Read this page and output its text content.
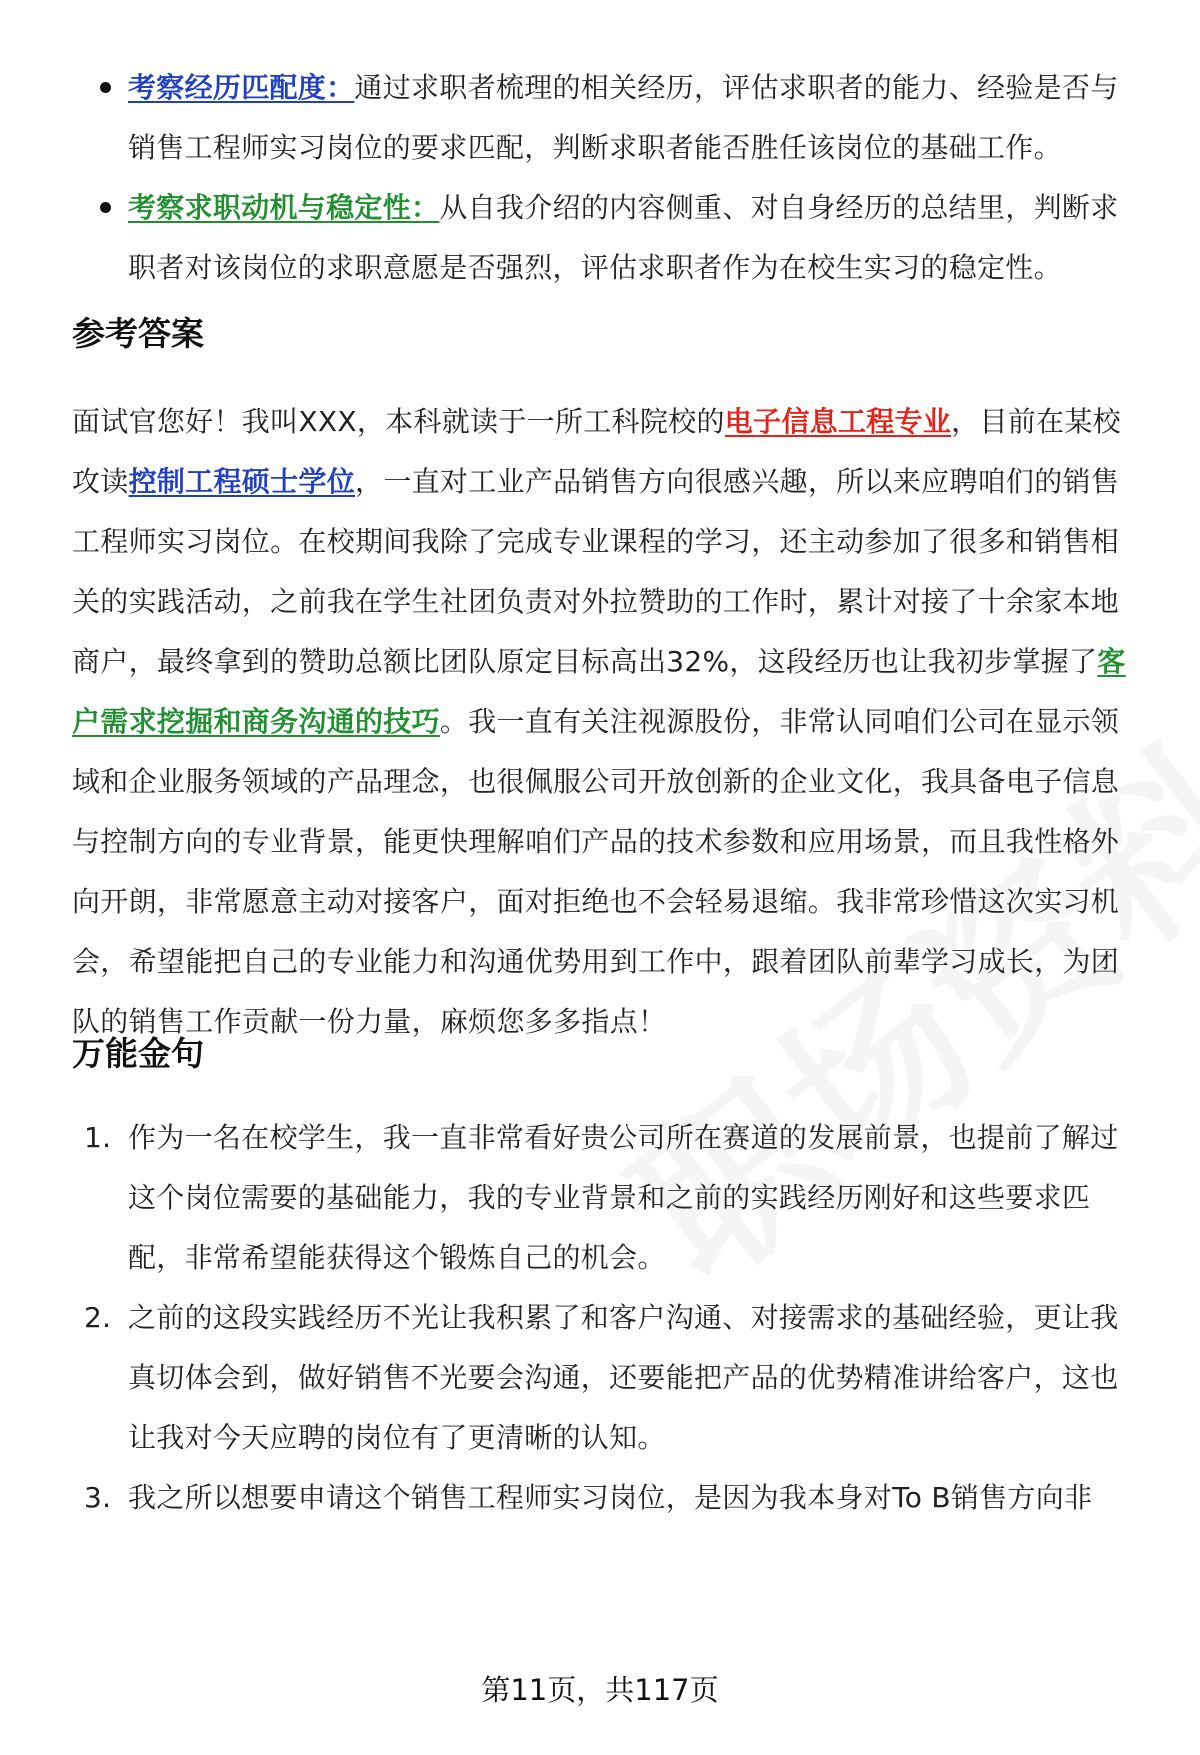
考察经历匹配度：通过求职者梳理的相关经历，评估求职者的能力、经验是否与销售工程师实习岗位的要求匹配，判断求职者能否胜任该岗位的基础工作。
考察求职动机与稳定性：从自我介绍的内容侧重、对自身经历的总结里，判断求职者对该岗位的求职意愿是否强烈，评估求职者作为在校生实习的稳定性。
参考答案

面试官您好！我叫XXX，本科就读于一所工科院校的电子信息工程专业，目前在某校攻读控制工程硕士学位，一直对工业产品销售方向很感兴趣，所以来应聘咱们的销售工程师实习岗位。在校期间我除了完成专业课程的学习，还主动参加了很多和销售相关的实践活动，之前我在学生社团负责对外拉赞助的工作时，累计对接了十余家本地商户，最终拿到的赞助总额比团队原定目标高出32%，这段经历也让我初步掌握了客户需求挖掘和商务沟通的技巧。我一直有关注视源股份，非常认同咱们公司在显示领域和企业服务领域的产品理念，也很佩服公司开放创新的企业文化，我具备电子信息与控制方向的专业背景，能更快理解咱们产品的技术参数和应用场景，而且我性格外向开朗，非常愿意主动对接客户，面对拒绝也不会轻易退缩。我非常珍惜这次实习机会，希望能把自己的专业能力和沟通优势用到工作中，跟着团队前辈学习成长，为团队的销售工作贡献一份力量，麻烦您多多指点！

万能金句
1. 作为一名在校学生，我一直非常看好贵公司所在赛道的发展前景，也提前了解过这个岗位需要的基础能力，我的专业背景和之前的实践经历刚好和这些要求匹配，非常希望能获得这个锻炼自己的机会。
2. 之前的这段实践经历不光让我积累了和客户沟通、对接需求的基础经验，更让我真切体会到，做好销售不光要会沟通，还要能把产品的优势精准讲给客户，这也让我对今天应聘的岗位有了更清晰的认知。
3. 我之所以想要申请这个销售工程师实习岗位，是因为我本身对To B销售方向非
第11页，共117页
